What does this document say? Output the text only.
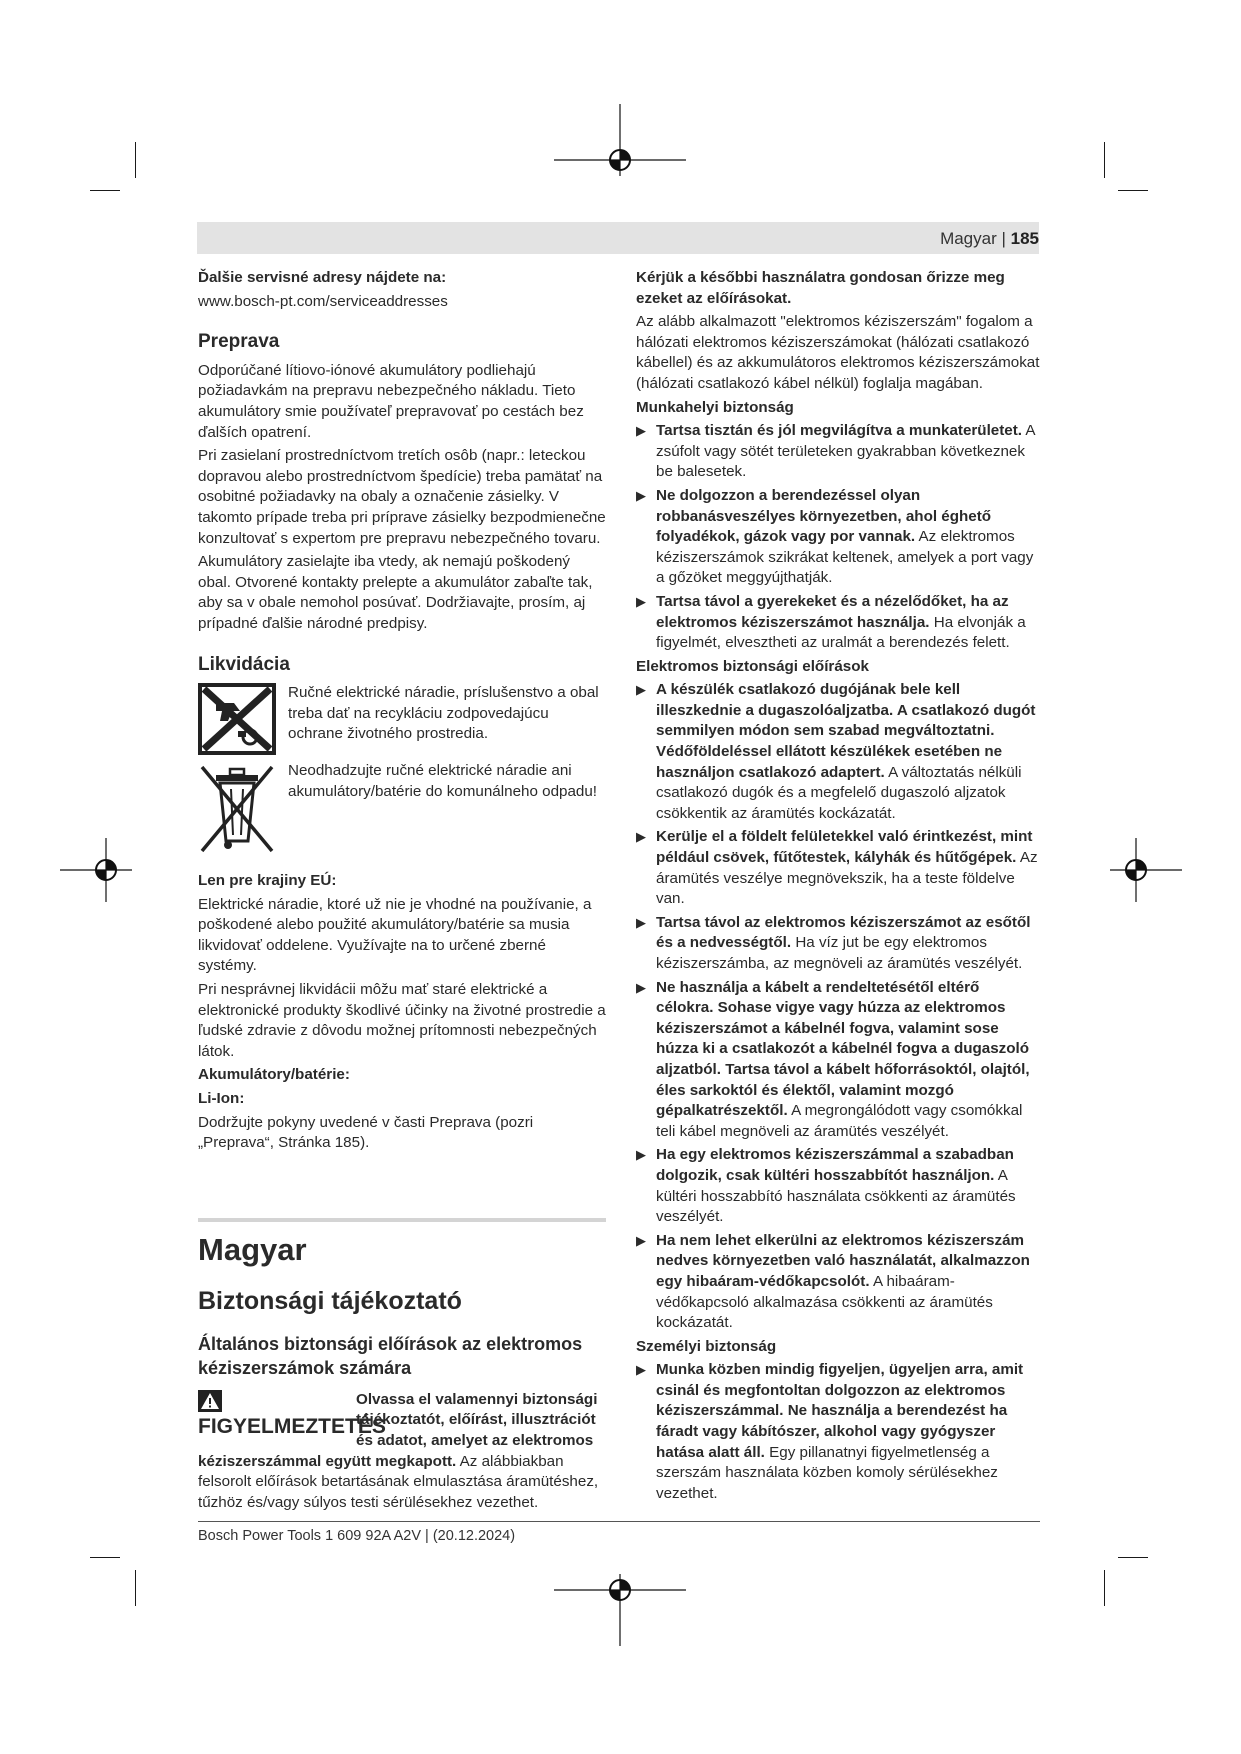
Magyar | 185

Ďalšie servisné adresy nájdete na:

www.bosch-pt.com/serviceaddresses

Preprava

Odporúčané lítiovo-iónové akumulátory podliehajú požiadavkám na prepravu nebezpečného nákladu. Tieto akumulátory smie používateľ prepravovať po cestách bez ďalších opatrení.

Pri zasielaní prostredníctvom tretích osôb (napr.: leteckou dopravou alebo prostredníctvom špedície) treba pamätať na osobitné požiadavky na obaly a označenie zásielky. V takomto prípade treba pri príprave zásielky bezpodmienečne konzultovať s expertom pre prepravu nebezpečného tovaru.

Akumulátory zasielajte iba vtedy, ak nemajú poškodený obal. Otvorené kontakty prelepte a akumulátor zabaľte tak, aby sa v obale nemohol posúvať. Dodržiavajte, prosím, aj prípadné ďalšie národné predpisy.

Likvidácia
Ručné elektrické náradie, príslušenstvo a obal treba dať na recykláciu zodpovedajúcu ochrane životného prostredia.
Neodhadzujte ručné elektrické náradie ani akumulátory/batérie do komunálneho odpadu!

Len pre krajiny EÚ:

Elektrické náradie, ktoré už nie je vhodné na používanie, a poškodené alebo použité akumulátory/batérie sa musia likvidovať oddelene. Využívajte na to určené zberné systémy.

Pri nesprávnej likvidácii môžu mať staré elektrické a elektronické produkty škodlivé účinky na životné prostredie a ľudské zdravie z dôvodu možnej prítomnosti nebezpečných látok.

Akumulátory/batérie:

Li-Ion:

Dodržujte pokyny uvedené v časti Preprava (pozri „Preprava“, Stránka 185).

Magyar
Biztonsági tájékoztató
Általános biztonsági előírások az elektromos kéziszerszámok számára
FIGYELMEZTETÉS
Olvassa el valamennyi biztonsági tájékoztatót, előírást, illusztrációt és adatot, amelyet az elektromos kéziszerszámmal együtt megkapott. Az alábbiakban felsorolt előírások betartásának elmulasztása áramütéshez, tűzhöz és/vagy súlyos testi sérülésekhez vezethet.

Kérjük a későbbi használatra gondosan őrizze meg ezeket az előírásokat.

Az alább alkalmazott "elektromos kéziszerszám" fogalom a hálózati elektromos kéziszerszámokat (hálózati csatlakozó kábellel) és az akkumulátoros elektromos kéziszerszámokat (hálózati csatlakozó kábel nélkül) foglalja magában.

Munkahelyi biztonság

▶ Tartsa tisztán és jól megvilágítva a munkaterületet. A zsúfolt vagy sötét területeken gyakrabban következnek be balesetek.
▶ Ne dolgozzon a berendezéssel olyan robbanásveszélyes környezetben, ahol éghető folyadékok, gázok vagy por vannak. Az elektromos kéziszerszámok szikrákat keltenek, amelyek a port vagy a gőzöket meggyújthatják.
▶ Tartsa távol a gyerekeket és a nézelődőket, ha az elektromos kéziszerszámot használja. Ha elvonják a figyelmét, elvesztheti az uralmát a berendezés felett.

Elektromos biztonsági előírások

▶ A készülék csatlakozó dugójának bele kell illeszkednie a dugaszolóaljzatba. A csatlakozó dugót semmilyen módon sem szabad megváltoztatni. Védőföldeléssel ellátott készülékek esetében ne használjon csatlakozó adaptert. A változtatás nélküli csatlakozó dugók és a megfelelő dugaszoló aljzatok csökkentik az áramütés kockázatát.
▶ Kerülje el a földelt felületekkel való érintkezést, mint például csövek, fűtőtestek, kályhák és hűtőgépek. Az áramütés veszélye megnövekszik, ha a teste földelve van.
▶ Tartsa távol az elektromos kéziszerszámot az esőtől és a nedvességtől. Ha víz jut be egy elektromos kéziszerszámba, az megnöveli az áramütés veszélyét.
▶ Ne használja a kábelt a rendeltetésétől eltérő célokra. Sohase vigye vagy húzza az elektromos kéziszerszámot a kábelnél fogva, valamint sose húzza ki a csatlakozót a kábelnél fogva a dugaszoló aljzatból. Tartsa távol a kábelt hőforrásoktól, olajtól, éles sarkoktól és élektől, valamint mozgó gépalkatrészektől. A megrongálódott vagy csomókkal teli kábel megnöveli az áramütés veszélyét.
▶ Ha egy elektromos kéziszerszámmal a szabadban dolgozik, csak kültéri hosszabbítót használjon. A kültéri hosszabbító használata csökkenti az áramütés veszélyét.
▶ Ha nem lehet elkerülni az elektromos kéziszerszám nedves környezetben való használatát, alkalmazzon egy hibaáram-védőkapcsolót. A hibaáram-védőkapcsoló alkalmazása csökkenti az áramütés kockázatát.

Személyi biztonság

▶ Munka közben mindig figyeljen, ügyeljen arra, amit csinál és megfontoltan dolgozzon az elektromos kéziszerszámmal. Ne használja a berendezést ha fáradt vagy kábítószer, alkohol vagy gyógyszer hatása alatt áll. Egy pillanatnyi figyelmetlenség a szerszám használata közben komoly sérülésekhez vezethet.
Bosch Power Tools 1 609 92A A2V | (20.12.2024)
